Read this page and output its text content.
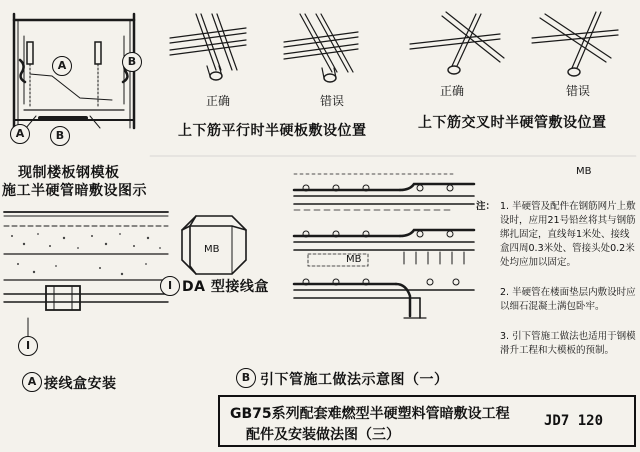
A	B
A	B
I
I
A	B
正确	错误
上下筋平行时半硬板敷设位置
正确	错误
上下筋交叉时半硬管敷设位置
现制楼板钢模板
施工半硬管暗敷设图示
DA 型接线盒
接线盒安装	引下管施工做法示意图（一）
MB
MB
MB
注： 1. 半硬管及配件在钢筋网片上敷设时，应用21号铅丝将其与钢筋绑扎固定，直线每1米处、接线盒四周0.3米处、管接头处0.2米处均应加以固定。
2. 半硬管在楼面垫层内敷设时应以细石混凝土满包卧牢。
3. 引下管施工做法也适用于钢模滑升工程和大模板的预制。
GB75系列配套难燃型半硬塑料管暗敷设工程
配件及安装做法图（三）
JD7 120
